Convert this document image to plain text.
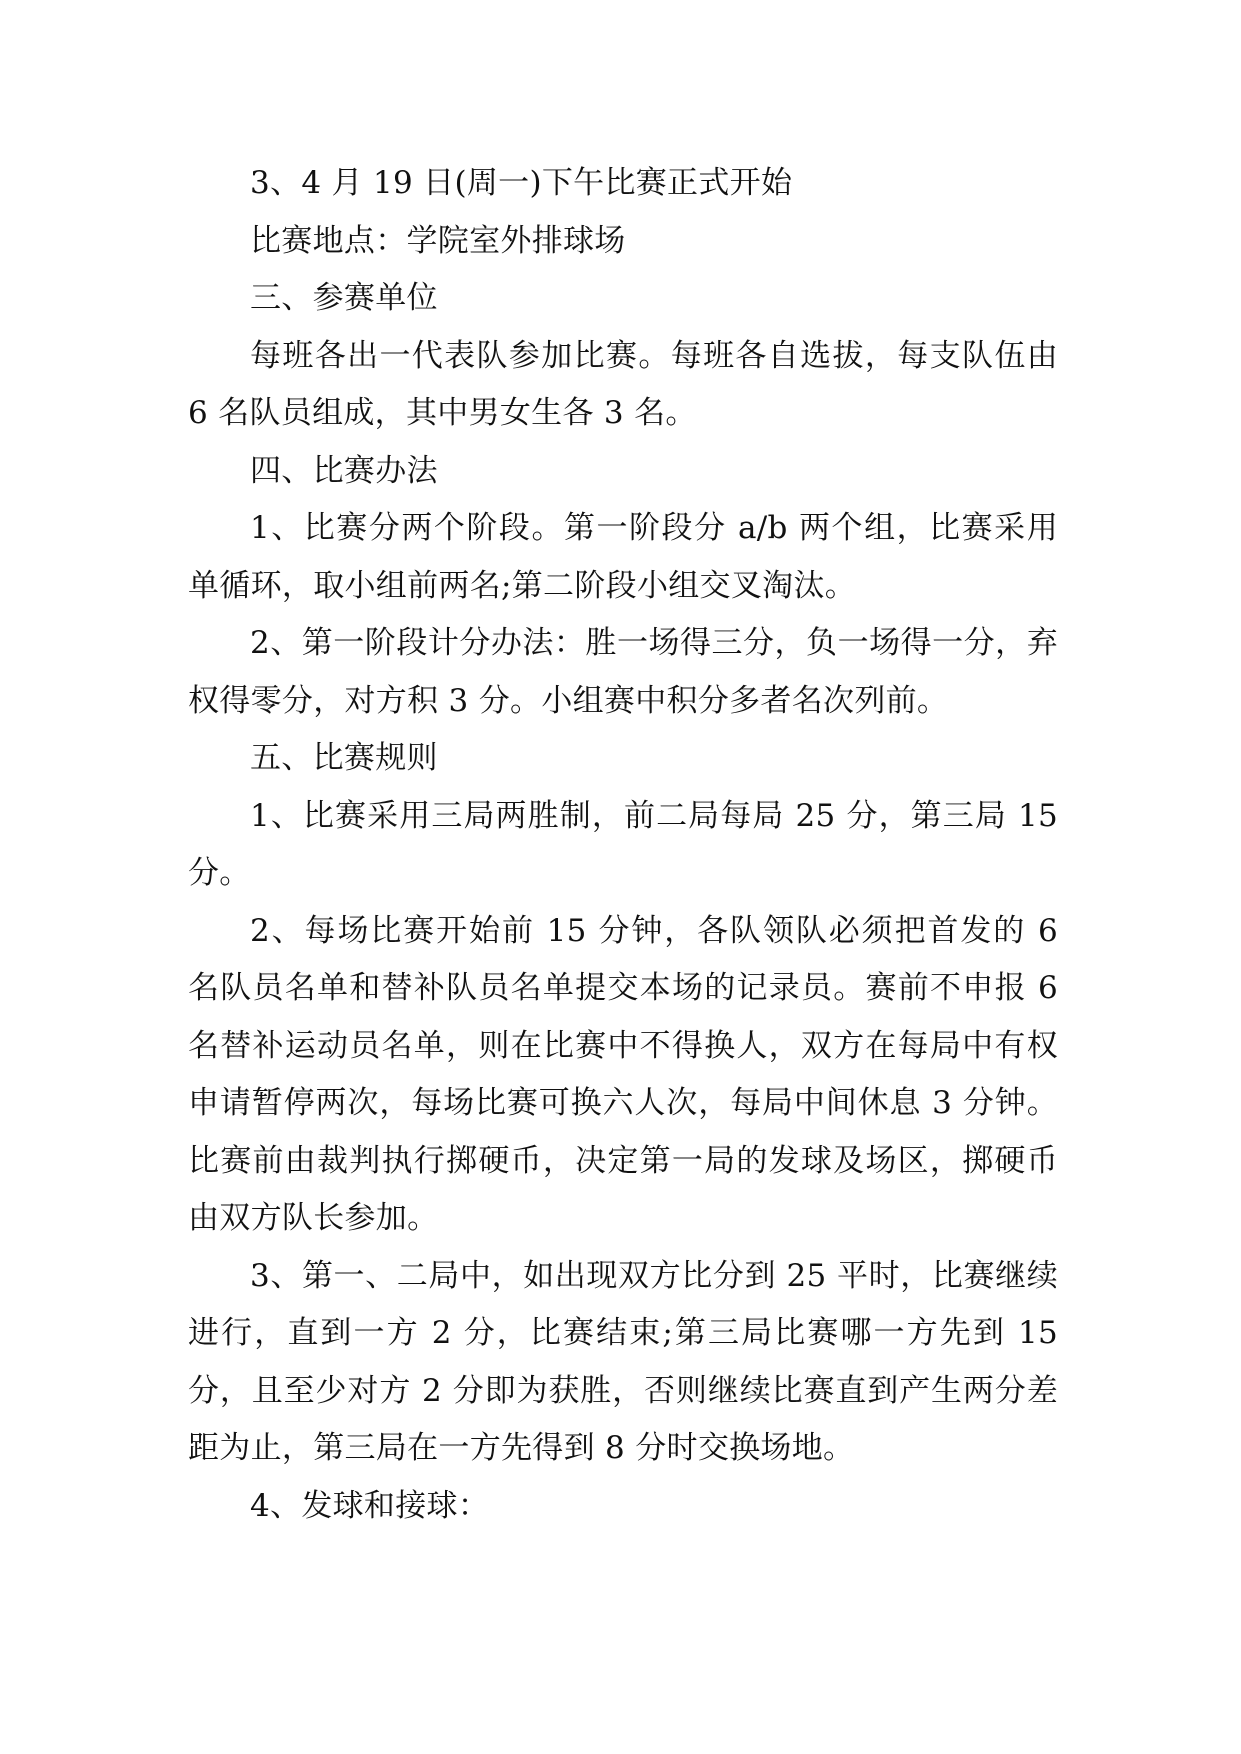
3、4 月 19 日(周一)下午比赛正式开始

比赛地点：学院室外排球场

三、参赛单位

每班各出一代表队参加比赛。每班各自选拔，每支队伍由 6 名队员组成，其中男女生各 3 名。

四、比赛办法

1、比赛分两个阶段。第一阶段分 a/b 两个组，比赛采用单循环，取小组前两名;第二阶段小组交叉淘汰。

2、第一阶段计分办法：胜一场得三分，负一场得一分，弃权得零分，对方积 3 分。小组赛中积分多者名次列前。

五、比赛规则

1、比赛采用三局两胜制，前二局每局 25 分，第三局 15 分。

2、每场比赛开始前 15 分钟，各队领队必须把首发的 6 名队员名单和替补队员名单提交本场的记录员。赛前不申报 6 名替补运动员名单，则在比赛中不得换人，双方在每局中有权申请暂停两次，每场比赛可换六人次，每局中间休息 3 分钟。比赛前由裁判执行掷硬币，决定第一局的发球及场区，掷硬币由双方队长参加。

3、第一、二局中，如出现双方比分到 25 平时，比赛继续进行，直到一方 2 分，比赛结束;第三局比赛哪一方先到 15 分，且至少对方 2 分即为获胜，否则继续比赛直到产生两分差距为止，第三局在一方先得到 8 分时交换场地。

4、发球和接球：
